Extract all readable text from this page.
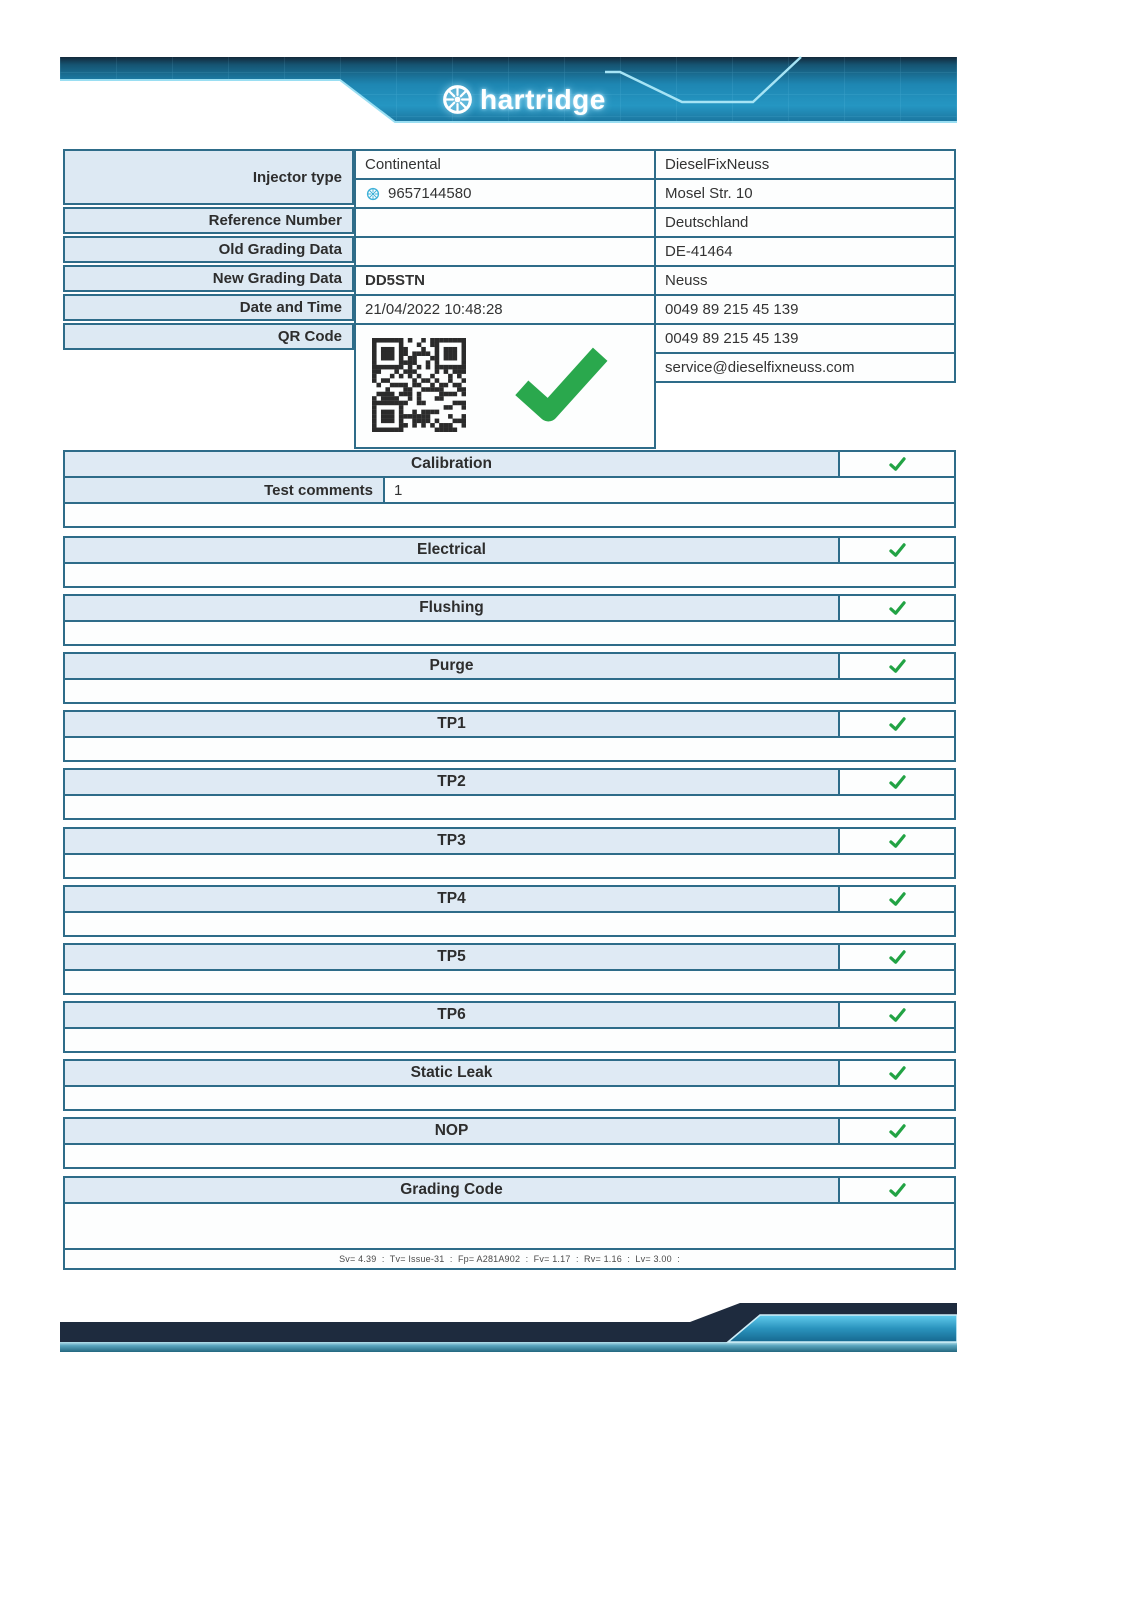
hartridge
Injector type
Reference Number
Old Grading Data
New Grading Data
Date and Time
QR Code
Continental
9657144580
DD5STN
21/04/2022 10:48:28
DieselFixNeuss
Mosel Str. 10
Deutschland
DE-41464
Neuss
0049 89 215 45 139
0049 89 215 45 139
service@dieselfixneuss.com
Test comments	1
Calibration
Electrical
Flushing
Purge
TP1
TP2
TP3
TP4
TP5
TP6
Static Leak
NOP
Grading Code
Sv= 4.39  :  Tv= Issue-31  :  Fp= A281A902  :  Fv= 1.17  :  Rv= 1.16  :  Lv= 3.00  :
